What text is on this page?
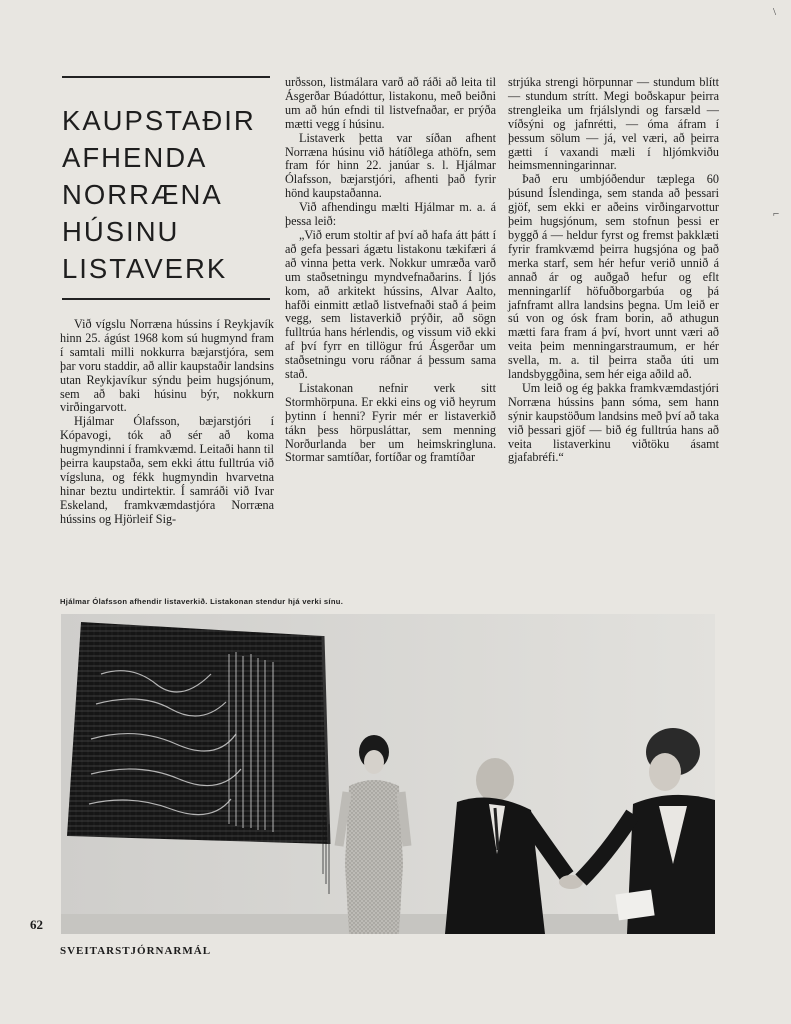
KAUPSTAÐIR
AFHENDA
NORRÆNA
HÚSINU
LISTAVERK

Við vígslu Norræna hússins í Reykjavík hinn 25. ágúst 1968 kom sú hugmynd fram í samtali milli nokkurra bæjarstjóra, sem þar voru staddir, að allir kaupstaðir landsins utan Reykjavíkur sýndu þeim hugsjónum, sem að baki húsinu býr, nokkurn virðingarvott.

Hjálmar Ólafsson, bæjarstjóri í Kópavogi, tók að sér að koma hugmyndinni í framkvæmd. Leitaði hann til þeirra kaupstaða, sem ekki áttu fulltrúa við vígsluna, og fékk hugmyndin hvarvetna hinar beztu undirtektir. Í samráði við Ivar Eskeland, framkvæmdastjóra Norræna hússins og Hjörleif Sig-

urðsson, listmálara varð að ráði að leita til Ásgerðar Búadóttur, listakonu, með beiðni um að hún efndi til listvefnaðar, er prýða mætti vegg í húsinu.

Listaverk þetta var síðan afhent Norræna húsinu við hátíðlega athöfn, sem fram fór hinn 22. janúar s. l. Hjálmar Ólafsson, bæjarstjóri, afhenti það fyrir hönd kaupstaðanna.

Við afhendingu mælti Hjálmar m. a. á þessa leið:

„Við erum stoltir af því að hafa átt þátt í að gefa þessari ágætu listakonu tækifæri á að vinna þetta verk. Nokkur umræða varð um staðsetningu myndvefnaðarins. Í ljós kom, að arkitekt hússins, Alvar Aalto, hafði einmitt ætlað listvefnaði stað á þeim vegg, sem listaverkið prýðir, að sögn fulltrúa hans hérlendis, og vissum við ekki af því fyrr en tillögur frú Ásgerðar um staðsetningu voru ráðnar á þessum sama stað.

Listakonan nefnir verk sitt Stormhörpuna. Er ekki eins og við heyrum þytinn í henni? Fyrir mér er listaverkið tákn þess hörpusláttar, sem menning Norðurlanda ber um heimskringluna. Stormar samtíðar, fortíðar og framtíðar

strjúka strengi hörpunnar — stundum blítt — stundum strítt. Megi boðskapur þeirra strengleika um frjálslyndi og farsæld — víðsýni og jafnrétti, — óma áfram í þessum sölum — já, vel væri, að þeirra gætti í vaxandi mæli í hljómkviðu heimsmenningarinnar.

Það eru umbjóðendur tæplega 60 þúsund Íslendinga, sem standa að þessari gjöf, sem ekki er aðeins virðingarvottur þeim hugsjónum, sem stofnun þessi er byggð á — heldur fyrst og fremst þakklæti fyrir framkvæmd þeirra hugsjóna og það merka starf, sem hér hefur verið unnið á annað ár og auðgað hefur og eflt menningarlíf höfuðborgarbúa og þá jafnframt allra landsins þegna. Um leið er sú von og ósk fram borin, að athugun mætti fara fram á því, hvort unnt væri að veita þeim menningarstraumum, er hér svella, m. a. til þeirra staða úti um landsbyggðina, sem hér eiga aðild að.

Um leið og ég þakka framkvæmdastjóri Norræna hússins þann sóma, sem hann sýnir kaupstöðum landsins með því að taka við þessari gjöf — bið ég fulltrúa hans að veita listaverkinu viðtöku ásamt gjafabréfi.“

\
⌐
Hjálmar Ólafsson afhendir listaverkið. Listakonan stendur hjá verki sínu.
62
SVEITARSTJÓRNARMÁL
